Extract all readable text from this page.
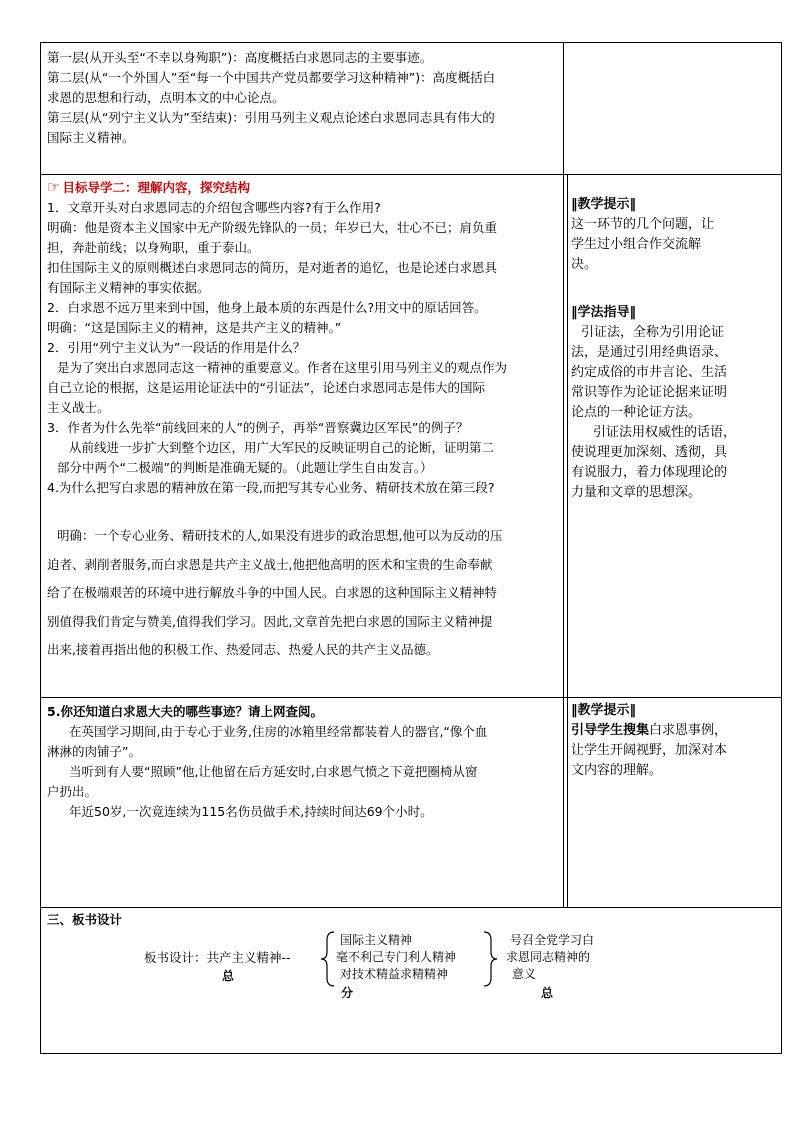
第一层(从开头至“不幸以身殉职”)：高度概括白求恩同志的主要事迹。

第二层(从“一个外国人”至“每一个中国共产党员都要学习这种精神”)：高度概括白

求恩的思想和行动，点明本文的中心论点。

第三层(从“列宁主义认为”至结束)：引用马列主义观点论述白求恩同志具有伟大的

国际主义精神。

☞ 目标导学二：理解内容，探究结构

1．文章开头对白求恩同志的介绍包含哪些内容?有于么作用?

明确：他是资本主义国家中无产阶级先锋队的一员；年岁已大，壮心不已；肩负重

担，奔赴前线；以身殉职，重于泰山。

扣住国际主义的原则概述白求恩同志的简历，是对逝者的追忆，也是论述白求恩具

有国际主义精神的事实依据。

2．白求恩不远万里来到中国，他身上最本质的东西是什么?用文中的原话回答。

明确：“这是国际主义的精神，这是共产主义的精神。”

2．引用“列宁主义认为”一段话的作用是什么？

是为了突出白求恩同志这一精神的重要意义。作者在这里引用马列主义的观点作为

自己立论的根据，这是运用论证法中的“引证法”，论述白求恩同志是伟大的国际

主义战士。

3．作者为什么先举“前线回来的人”的例子，再举“晋察冀边区军民”的例子？

从前线进一步扩大到整个边区，用广大军民的反映证明自己的论断，证明第二

部分中两个“二极端”的判断是准确无疑的。（此题让学生自由发言。）

4.为什么把写白求恩的精神放在第一段,而把写其专心业务、精研技术放在第三段?

明确：一个专心业务、精研技术的人,如果没有进步的政治思想,他可以为反动的压

迫者、剥削者服务,而白求恩是共产主义战士,他把他高明的医术和宝贵的生命奉献

给了在极端艰苦的环境中进行解放斗争的中国人民。白求恩的这种国际主义精神特

别值得我们肯定与赞美,值得我们学习。因此,文章首先把白求恩的国际主义精神提

出来,接着再指出他的积极工作、热爱同志、热爱人民的共产主义品德。

‖教学提示‖

这一环节的几个问题，让

学生过小组合作交流解

决。

‖学法指导‖

引证法，全称为引用论证

法，是通过引用经典语录、

约定成俗的市井言论、生活

常识等作为论证论据来证明

论点的一种论证方法。

引证法用权威性的话语，

使说理更加深刻、透彻，具

有说服力，着力体现理论的

力量和文章的思想深。

5.你还知道白求恩大夫的哪些事迹？请上网查阅。

在英国学习期间,由于专心于业务,住房的冰箱里经常都装着人的器官,“像个血

淋淋的肉铺子”。

当听到有人要“照顾”他,让他留在后方延安时,白求恩气愤之下竟把圈椅从窗

户扔出。

年近50岁,一次竟连续为115名伤员做手术,持续时间达69个小时。

‖教学提示‖

引导学生搜集白求恩事例，

让学生开阔视野，加深对本

文内容的理解。

三、板书设计
板书设计：共产主义精神--
总
国际主义精神
毫不利己专门利人精神
对技术精益求精精神
分
号召全党学习白
求恩同志精神的
意义
总
